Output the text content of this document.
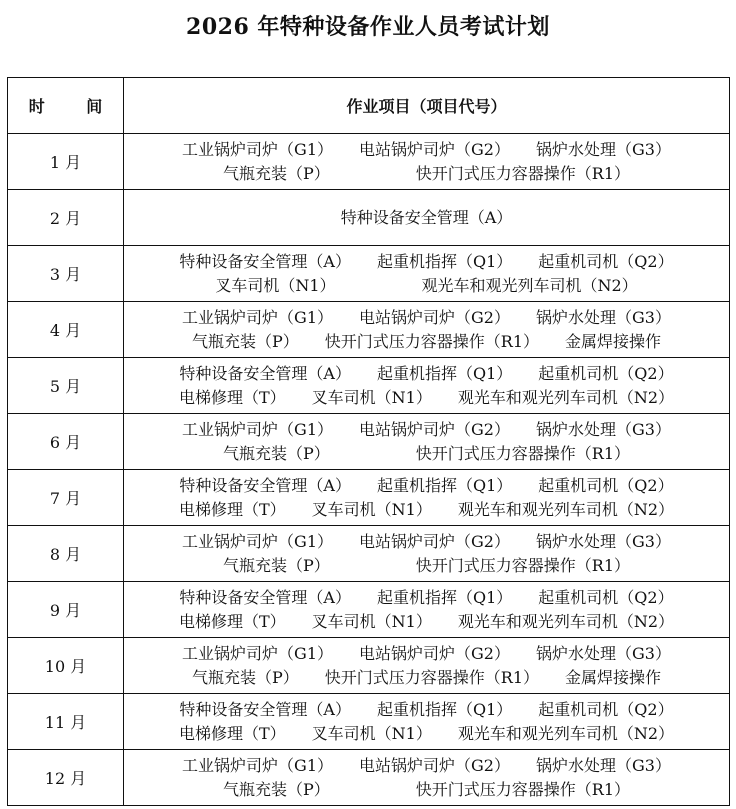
2026 年特种设备作业人员考试计划
时 间	作业项目（项目代号）
1 月	工业锅炉司炉（G1） 电站锅炉司炉（G2） 锅炉水处理（G3）
气瓶充装（P） 快开门式压力容器操作（R1）

2 月	特种设备安全管理（A）

3 月	特种设备安全管理（A） 起重机指挥（Q1） 起重机司机（Q2）
叉车司机（N1） 观光车和观光列车司机（N2）

4 月	
工业锅炉司炉（G1） 电站锅炉司炉（G2） 锅炉水处理（G3）
气瓶充装（P） 快开门式压力容器操作（R1） 金属焊接操作

5 月	
特种设备安全管理（A） 起重机指挥（Q1） 起重机司机（Q2）
电梯修理（T） 叉车司机（N1） 观光车和观光列车司机（N2）

6 月	工业锅炉司炉（G1） 电站锅炉司炉（G2） 锅炉水处理（G3）
气瓶充装（P） 快开门式压力容器操作（R1）

7 月	
特种设备安全管理（A） 起重机指挥（Q1） 起重机司机（Q2）
电梯修理（T） 叉车司机（N1） 观光车和观光列车司机（N2）

8 月	工业锅炉司炉（G1） 电站锅炉司炉（G2） 锅炉水处理（G3）
气瓶充装（P） 快开门式压力容器操作（R1）

9 月	
特种设备安全管理（A） 起重机指挥（Q1） 起重机司机（Q2）
电梯修理（T） 叉车司机（N1） 观光车和观光列车司机（N2）

10 月	
工业锅炉司炉（G1） 电站锅炉司炉（G2） 锅炉水处理（G3）
气瓶充装（P） 快开门式压力容器操作（R1） 金属焊接操作

11 月	
特种设备安全管理（A） 起重机指挥（Q1） 起重机司机（Q2）
电梯修理（T） 叉车司机（N1） 观光车和观光列车司机（N2）

12 月	工业锅炉司炉（G1） 电站锅炉司炉（G2） 锅炉水处理（G3）
气瓶充装（P） 快开门式压力容器操作（R1）
